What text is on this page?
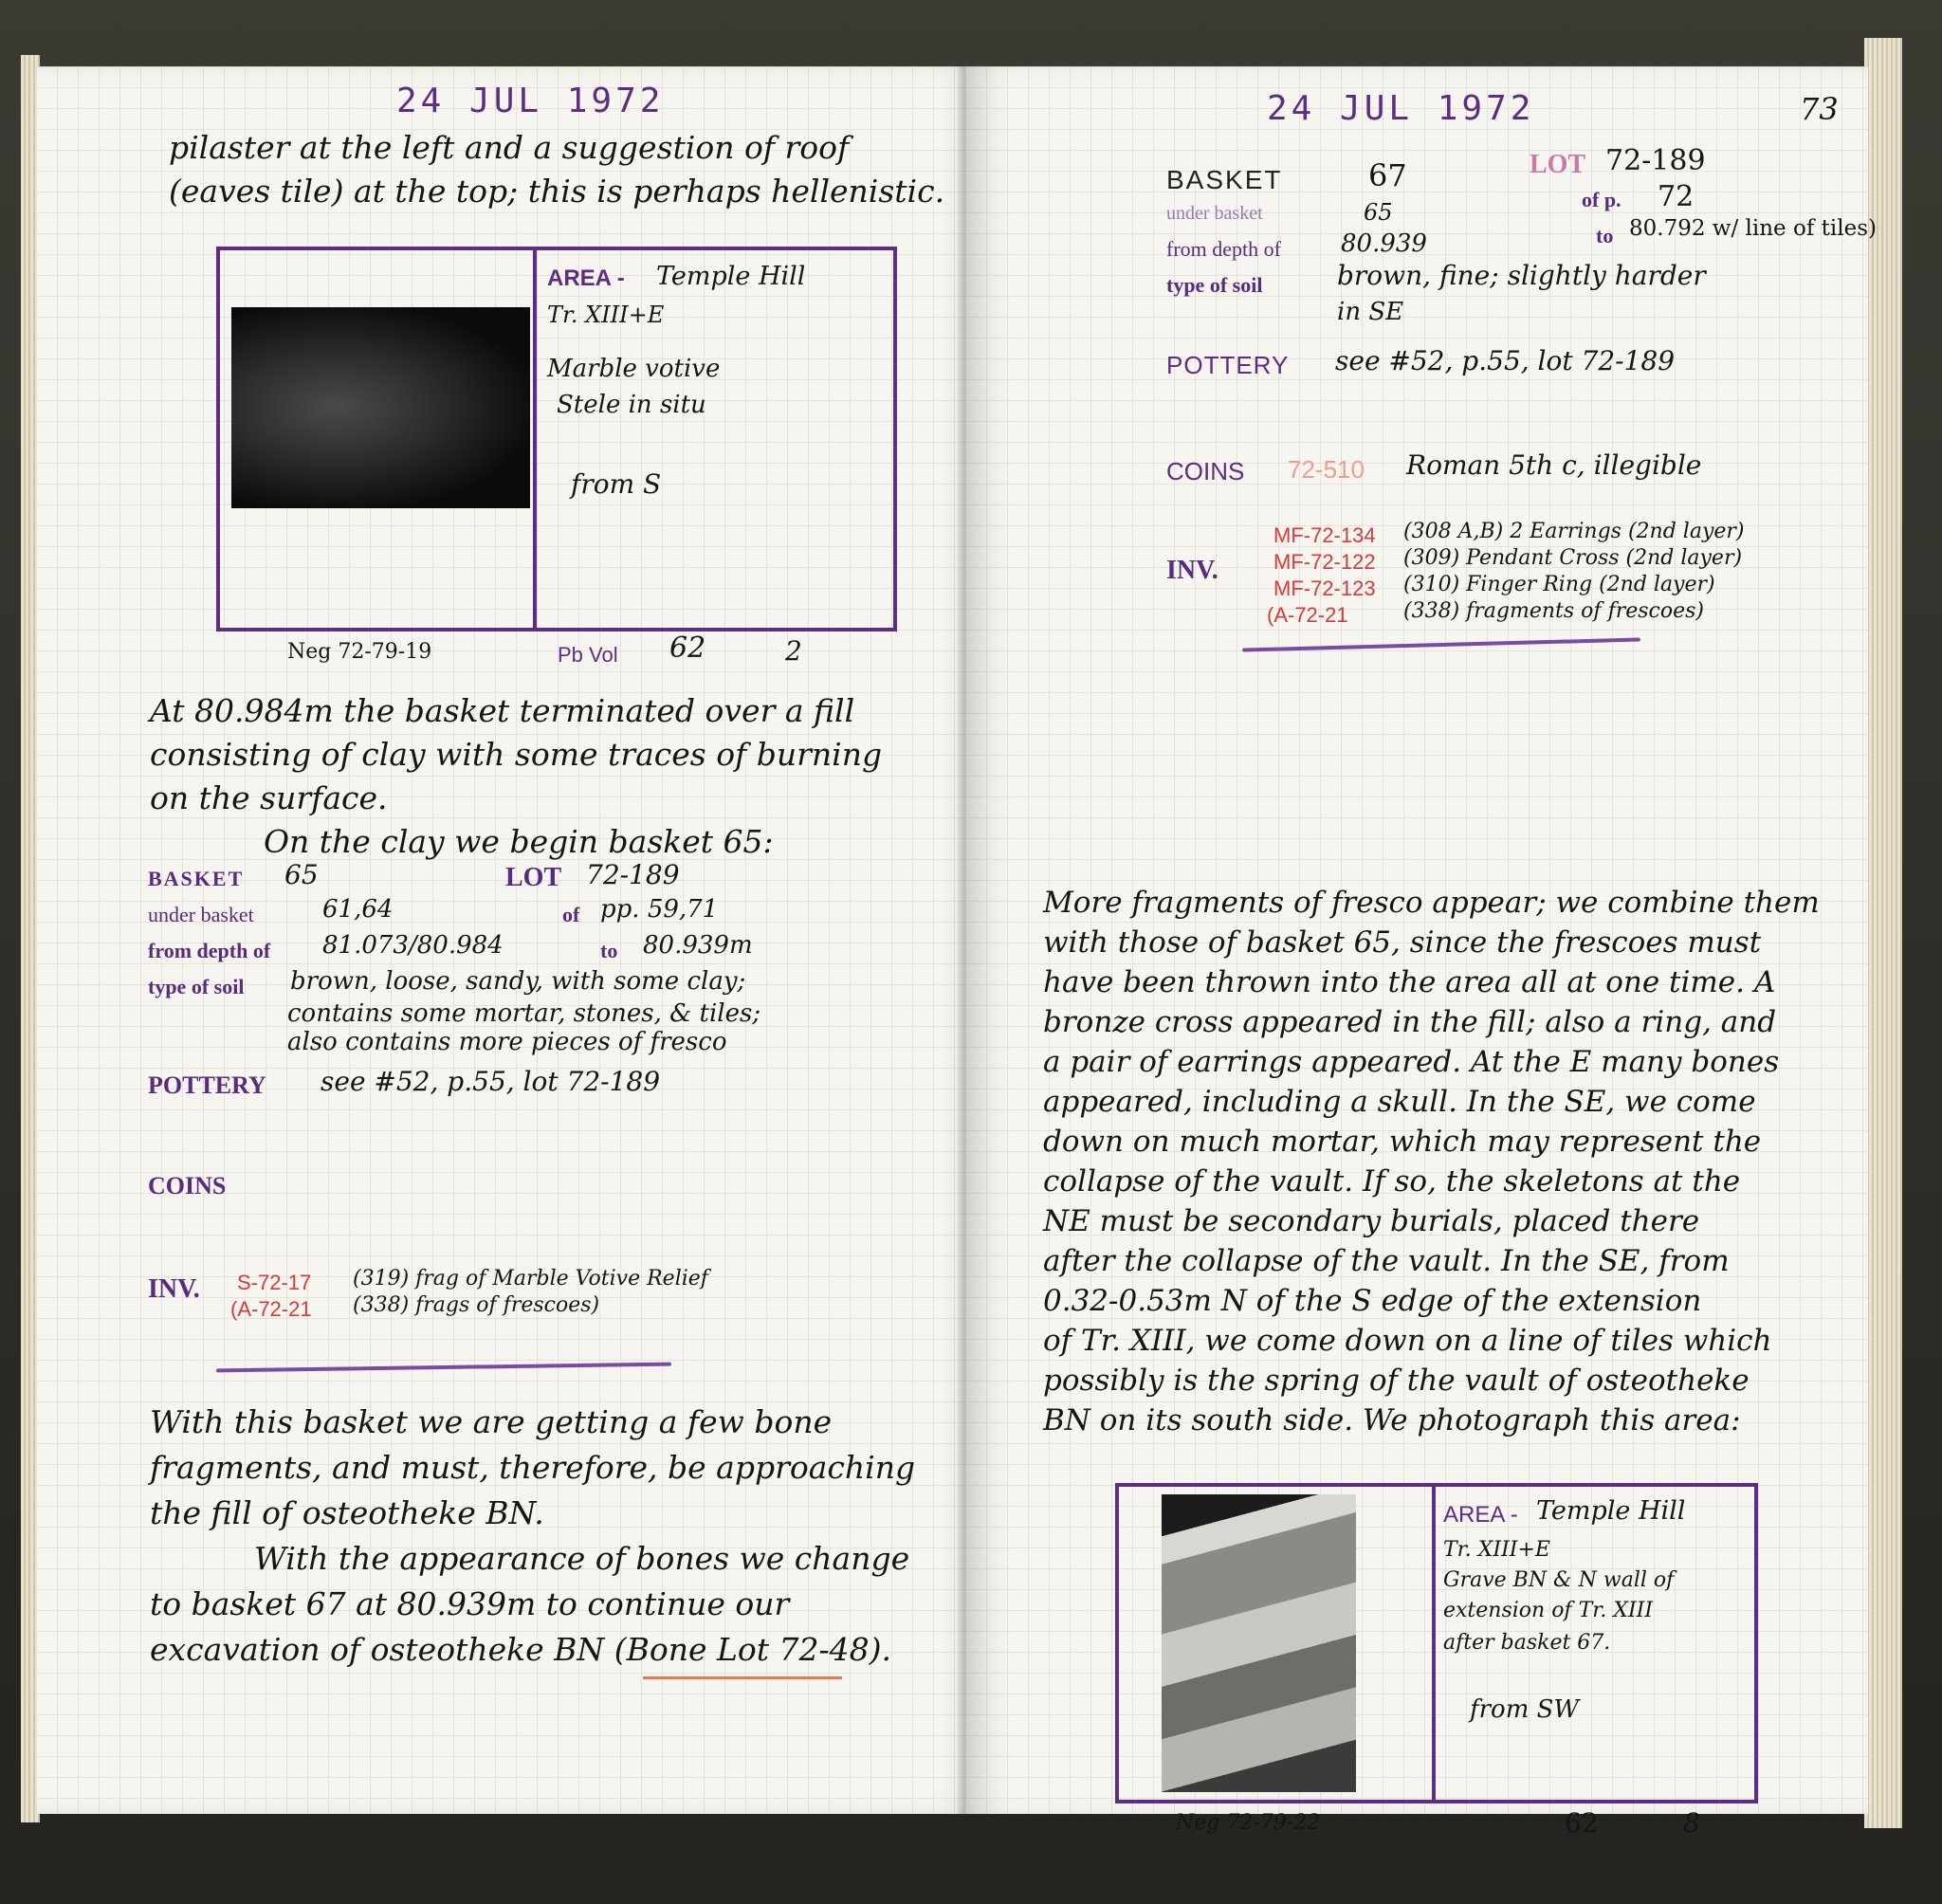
24 JUL 1972
pilaster at the left and a suggestion of roof
(eaves tile) at the top; this is perhaps hellenistic.
AREA - Temple Hill
Tr. XIII+E
Marble votive
Stele in situ
from S
Neg 72-79-19	Pb Vol 62	2
At 80.984m the basket terminated over a fill
consisting of clay with some traces of burning
on the surface.
On the clay we begin basket 65:
BASKET 65	LOT 72-189
under basket	61,64	of pp. 59,71
from depth of 81.073/80.984	to 80.939m
type of soil brown, loose, sandy, with some clay;
contains some mortar, stones, & tiles;
also contains more pieces of fresco
POTTERY see #52, p.55, lot 72-189
COINS
INV. S-72-17 (319) frag of Marble Votive Relief
(A-72-21 (338) frags of frescoes)
With this basket we are getting a few bone
fragments, and must, therefore, be approaching
the fill of osteotheke BN.
With the appearance of bones we change
to basket 67 at 80.939m to continue our
excavation of osteotheke BN (Bone Lot 72-48).
24 JUL 1972	73
BASKET	67	LOT 72-189
under basket	65	of p. 72
from depth of 80.939	to 80.792 w/ line of tiles)
type of soil	brown, fine; slightly harder
in SE
POTTERY see #52, p.55, lot 72-189
COINS 72-510 Roman 5th c, illegible
INV.
MF-72-134 (308 A,B) 2 Earrings (2nd layer)
MF-72-122 (309) Pendant Cross (2nd layer)
MF-72-123 (310) Finger Ring (2nd layer)
(A-72-21	(338) fragments of frescoes)
More fragments of fresco appear; we combine them
with those of basket 65, since the frescoes must
have been thrown into the area all at one time. A
bronze cross appeared in the fill; also a ring, and
a pair of earrings appeared. At the E many bones
appeared, including a skull. In the SE, we come
down on much mortar, which may represent the
collapse of the vault. If so, the skeletons at the
NE must be secondary burials, placed there
after the collapse of the vault. In the SE, from
0.32-0.53m N of the S edge of the extension
of Tr. XIII, we come down on a line of tiles which
possibly is the spring of the vault of osteotheke
BN on its south side. We photograph this area:
AREA - Temple Hill
Tr. XIII+E
Grave BN & N wall of
extension of Tr. XIII
after basket 67.
from SW
Neg 72-79-22	62	8
